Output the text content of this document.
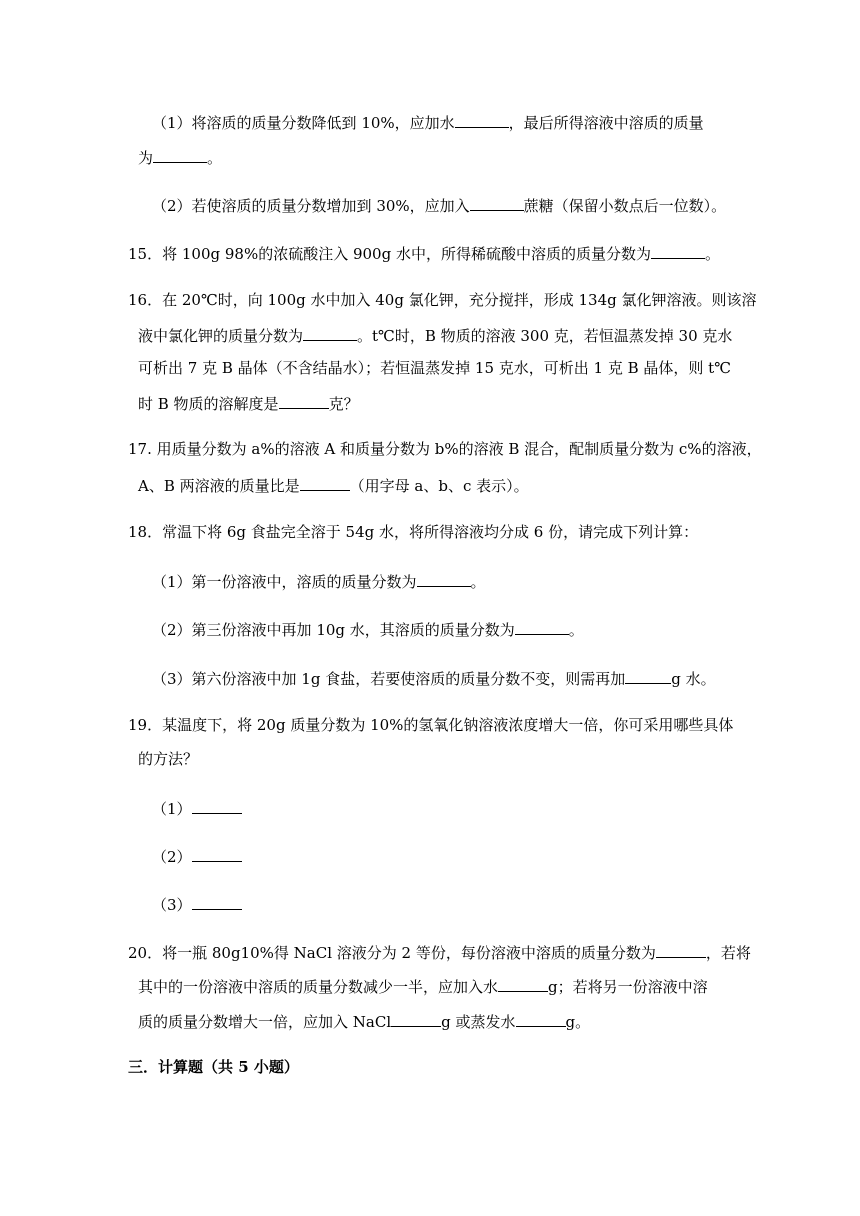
（1）将溶质的质量分数降低到 10%，应加水	，最后所得溶液中溶质的质量
为	。
（2）若使溶质的质量分数增加到 30%，应加入	蔗糖（保留小数点后一位数）。
15．将 100g 98%的浓硫酸注入 900g 水中，所得稀硫酸中溶质的质量分数为	。
16．在 20℃时，向 100g 水中加入 40g 氯化钾，充分搅拌，形成 134g 氯化钾溶液。则该溶
液中氯化钾的质量分数为	。t℃时，B 物质的溶液 300 克，若恒温蒸发掉 30 克水
可析出 7 克 B 晶体（不含结晶水）；若恒温蒸发掉 15 克水，可析出 1 克 B 晶体，则 t℃
时 B 物质的溶解度是	克？
17. 用质量分数为 a%的溶液 A 和质量分数为 b%的溶液 B 混合，配制质量分数为 c%的溶液，
A、B 两溶液的质量比是	（用字母 a、b、c 表示）。
18．常温下将 6g 食盐完全溶于 54g 水，将所得溶液均分成 6 份，请完成下列计算：
（1）第一份溶液中，溶质的质量分数为	。
（2）第三份溶液中再加 10g 水，其溶质的质量分数为	。
（3）第六份溶液中加 1g 食盐，若要使溶质的质量分数不变，则需再加	g 水。
19．某温度下，将 20g 质量分数为 10%的氢氧化钠溶液浓度增大一倍，你可采用哪些具体
的方法？
（1）
（2）
（3）
20．将一瓶 80g10%得 NaCl 溶液分为 2 等份，每份溶液中溶质的质量分数为	，若将
其中的一份溶液中溶质的质量分数减少一半，应加入水	g；若将另一份溶液中溶
质的质量分数增大一倍，应加入 NaCl	g 或蒸发水	g。
三．计算题（共 5 小题）
